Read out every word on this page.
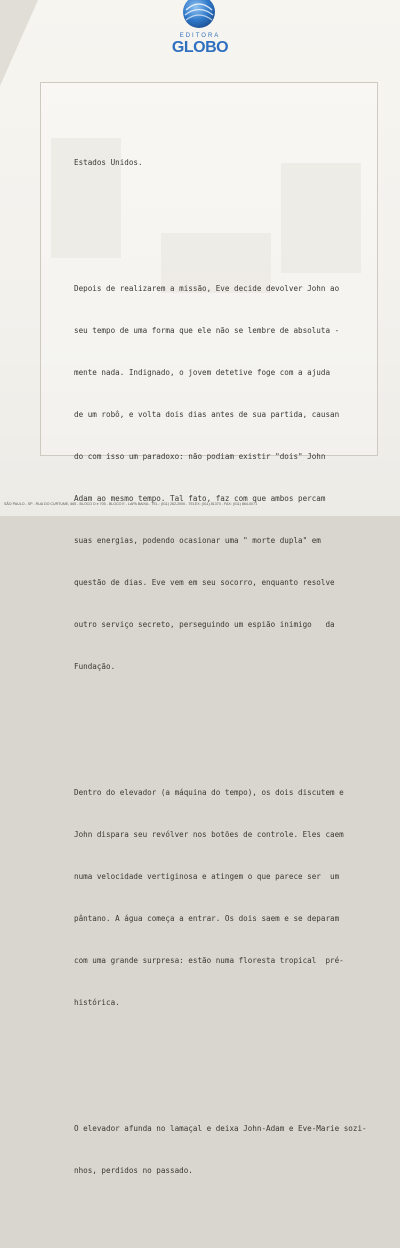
EDITORA
GLOBO

Estados Unidos.

Depois de realizarem a missão, Eve decide devolver John ao

seu tempo de uma forma que ele não se lembre de absoluta -

mente nada. Indignado, o jovem detetive foge com a ajuda

de um robô, e volta dois dias antes de sua partida, causan

do com isso um paradoxo: não podiam existir "dois" John

Adam ao mesmo tempo. Tal fato, faz com que ambos percam

suas energias, podendo ocasionar uma " morte dupla" em

questão de dias. Eve vem em seu socorro, enquanto resolve

outro serviço secreto, perseguindo um espião inimigo   da

Fundação.

Dentro do elevador (a máquina do tempo), os dois discutem e

John dispara seu revólver nos botões de controle. Eles caem

numa velocidade vertiginosa e atingem o que parece ser  um

pântano. A água começa a entrar. Os dois saem e se deparam

com uma grande surpresa: estão numa floresta tropical  pré-

histórica.

O elevador afunda no lamaçal e deixa John-Adam e Eve-Marie sozi-

nhos, perdidos no passado.

SÃO PAULO - SP - RUA DO CURTUME, 665 - BLOCO D e 705 - BLOCO E - LAPA BAIXA - TEL.: (011) 262-2000 - TELEX: (011) 81370 - FAX: (011) 864-0071
